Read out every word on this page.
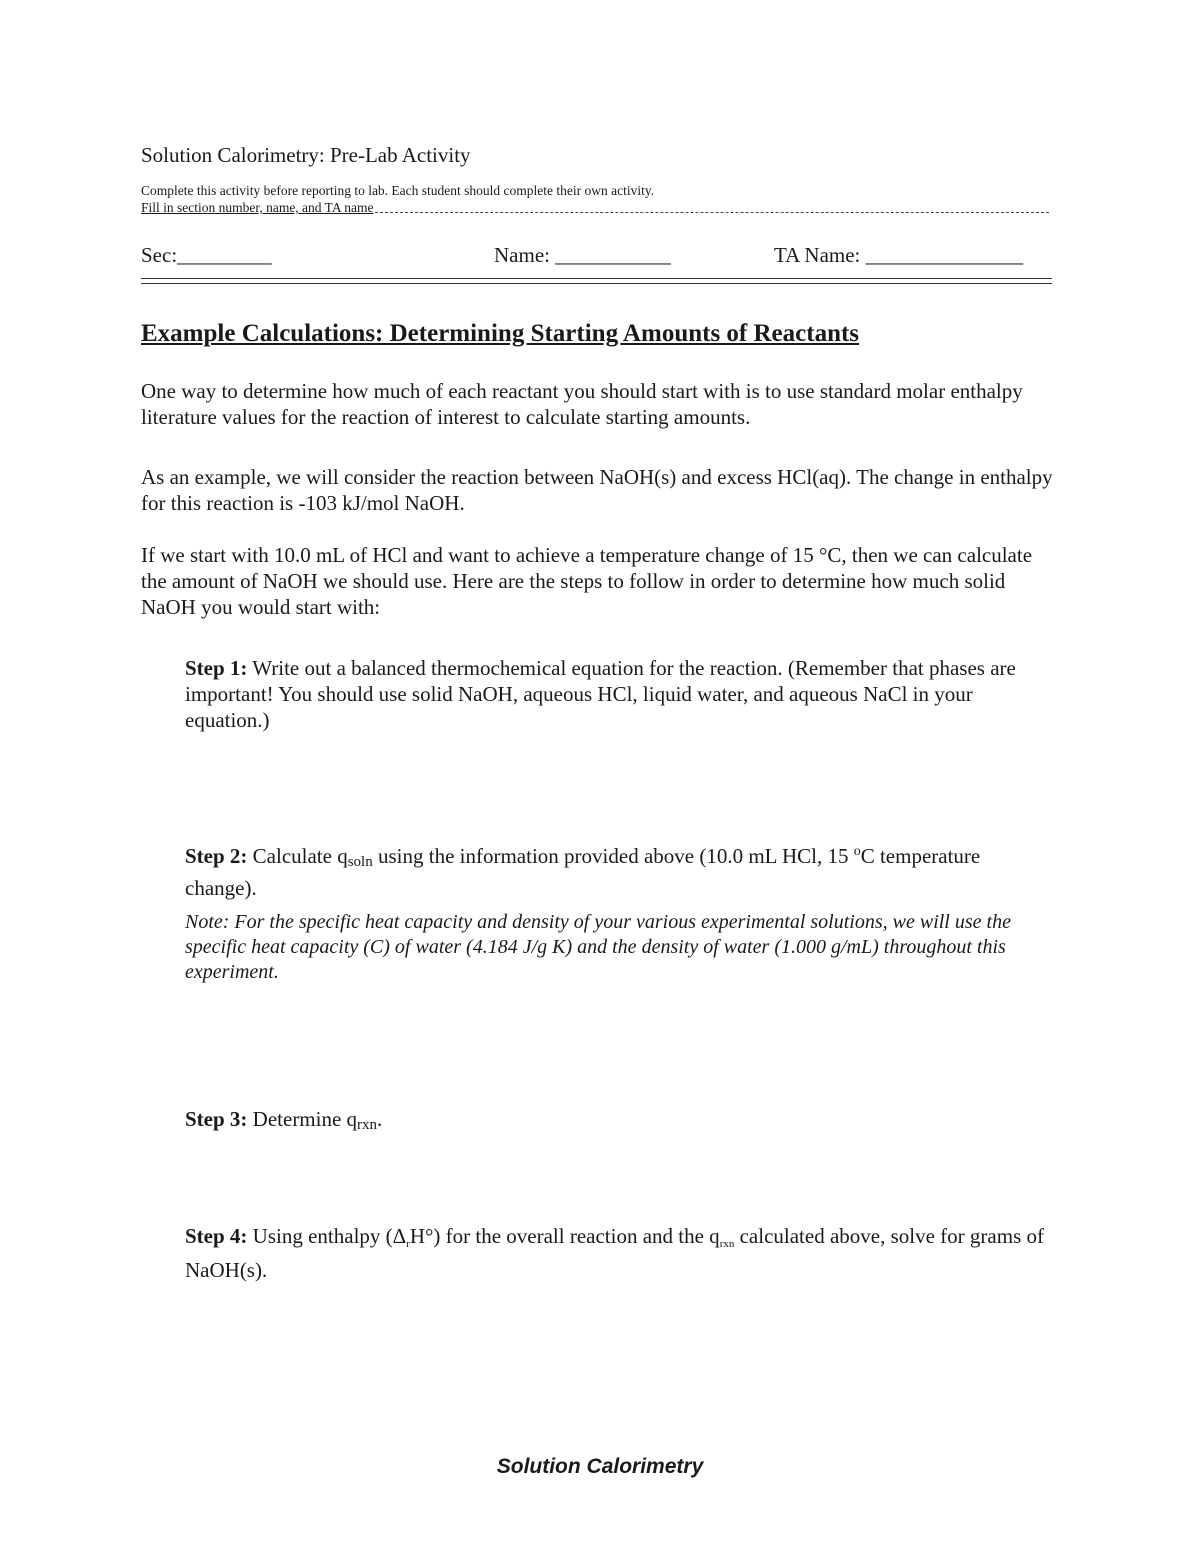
Solution Calorimetry: Pre-Lab Activity
Complete this activity before reporting to lab. Each student should complete their own activity.
Fill in section number, name, and TA name
Sec:_________	Name: ___________	TA Name: _______________
Example Calculations: Determining Starting Amounts of Reactants
One way to determine how much of each reactant you should start with is to use standard molar enthalpy literature values for the reaction of interest to calculate starting amounts.
As an example, we will consider the reaction between NaOH(s) and excess HCl(aq). The change in enthalpy for this reaction is -103 kJ/mol NaOH.
If we start with 10.0 mL of HCl and want to achieve a temperature change of 15 °C, then we can calculate the amount of NaOH we should use. Here are the steps to follow in order to determine how much solid NaOH you would start with:
Step 1: Write out a balanced thermochemical equation for the reaction. (Remember that phases are important! You should use solid NaOH, aqueous HCl, liquid water, and aqueous NaCl in your equation.)
Step 2: Calculate $q_{soln}$ using the information provided above (10.0 mL HCl, 15 $^o$C temperature change).
Note: For the specific heat capacity and density of your various experimental solutions, we will use the specific heat capacity (C) of water (4.184 J/g K) and the density of water (1.000 g/mL) throughout this experiment.
Step 3: Determine $q_{rxn}$.
Step 4: Using enthalpy (ΔrH°) for the overall reaction and the qrxn calculated above, solve for grams of NaOH(s).
Solution Calorimetry
